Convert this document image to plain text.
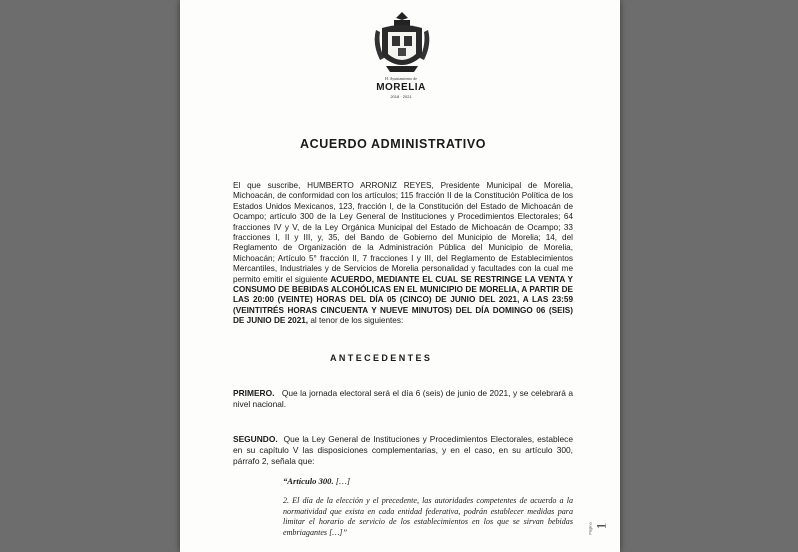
H. Ayuntamiento de
MORELIA
2018 · 2021
ACUERDO ADMINISTRATIVO
El que suscribe, HUMBERTO ARRONIZ REYES, Presidente Municipal de Morelia, Michoacán, de conformidad con los artículos; 115 fracción II de la Constitución Política de los Estados Unidos Mexicanos, 123, fracción I, de la Constitución del Estado de Michoacán de Ocampo; artículo 300 de la Ley General de Instituciones y Procedimientos Electorales; 64 fracciones IV y V, de la Ley Orgánica Municipal del Estado de Michoacán de Ocampo; 33 fracciones I, II y III, y, 35, del Bando de Gobierno del Municipio de Morelia; 14, del Reglamento de Organización de la Administración Pública del Municipio de Morelia, Michoacán; Artículo 5° fracción II, 7 fracciones I y III, del Reglamento de Establecimientos Mercantiles, Industriales y de Servicios de Morelia personalidad y facultades con la cual me permito emitir el siguiente ACUERDO, MEDIANTE EL CUAL SE RESTRINGE LA VENTA Y CONSUMO DE BEBIDAS ALCOHÓLICAS EN EL MUNICIPIO DE MORELIA, A PARTIR DE LAS 20:00 (VEINTE) HORAS DEL DÍA 05 (CINCO) DE JUNIO DEL 2021, A LAS 23:59 (VEINTITRÉS HORAS CINCUENTA Y NUEVE MINUTOS) DEL DÍA DOMINGO 06 (SEIS) DE JUNIO DE 2021, al tenor de los siguientes:
ANTECEDENTES
PRIMERO. Que la jornada electoral será el día 6 (seis) de junio de 2021, y se celebrará a nivel nacional.
SEGUNDO. Que la Ley General de Instituciones y Procedimientos Electorales, establece en su capítulo V las disposiciones complementarias, y en el caso, en su artículo 300, párrafo 2, señala que:
“Artículo 300. […]
2. El día de la elección y el precedente, las autoridades competentes de acuerdo a la normatividad que exista en cada entidad federativa, podrán establecer medidas para limitar el horario de servicio de los establecimientos en los que se sirvan bebidas embriagantes […]”	Página 1
